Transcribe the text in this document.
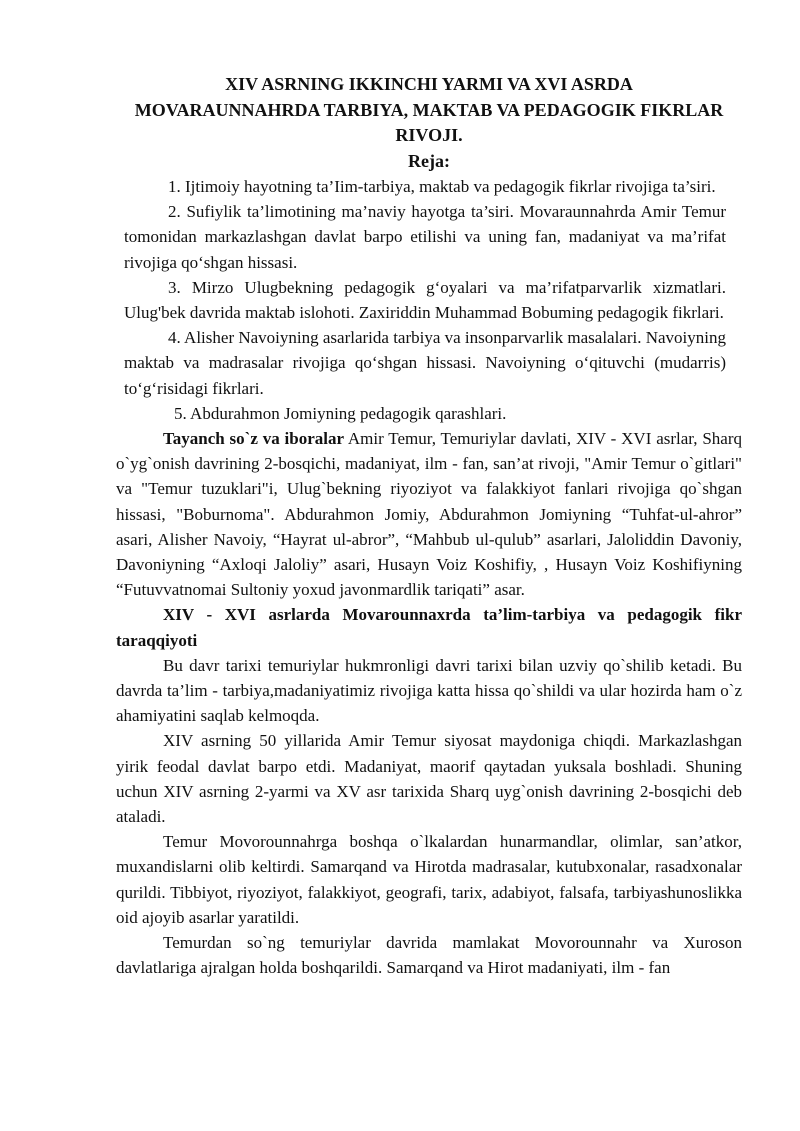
XIV ASRNING IKKINCHI YARMI VA XVI ASRDA
MOVARAUNNAHRDA TARBIYA, MAKTAB VA PEDAGOGIK FIKRLAR
RIVOJI.
Reja:

1. Ijtimoiy hayotning ta’Iim-tarbiya, maktab va pedagogik fikrlar rivojiga ta’siri.

2. Sufiylik ta’limotining ma’naviy hayotga ta’siri. Movaraunnahrda Amir Temur tomonidan markazlashgan davlat barpo etilishi va uning fan, madaniyat va ma’rifat rivojiga qo‘shgan hissasi.

3. Mirzo Ulugbekning pedagogik g‘oyalari va ma’rifatparvarlik xizmatlari. Ulug'bek davrida maktab islohoti. Zaxiriddin Muhammad Bobuming pedagogik fikrlari.

4. Alisher Navoiyning asarlarida tarbiya va insonparvarlik masalalari. Navoiyning maktab va madrasalar rivojiga qo‘shgan hissasi. Navoiyning o‘qituvchi (mudarris) to‘g‘risidagi fikrlari.

5. Abdurahmon Jomiyning pedagogik qarashlari.

Tayanch so`z va iboralar Amir Temur, Temuriylar davlati, XIV - XVI asrlar, Sharq o`yg`onish davrining 2-bosqichi, madaniyat, ilm - fan, san’at rivoji, "Amir Temur o`gitlari" va "Temur tuzuklari"i, Ulug`bekning riyoziyot va falakkiyot fanlari rivojiga qo`shgan hissasi, "Boburnoma". Abdurahmon Jomiy, Abdurahmon Jomiyning “Tuhfat-ul-ahror” asari, Alisher Navoiy, “Hayrat ul-abror”, “Mahbub ul-qulub” asarlari, Jaloliddin Davoniy, Davoniyning “Axloqi Jaloliy” asari, Husayn Voiz Koshifiy, , Husayn Voiz Koshifiyning “Futuvvatnomai Sultoniy yoxud javonmardlik tariqati” asar.

XIV - XVI asrlarda Movarounnaxrda ta’lim-tarbiya va pedagogik fikr taraqqiyoti

Bu davr tarixi temuriylar hukmronligi davri tarixi bilan uzviy qo`shilib ketadi. Bu davrda ta’lim - tarbiya,madaniyatimiz rivojiga katta hissa qo`shildi va ular hozirda ham o`z ahamiyatini saqlab kelmoqda.

XIV asrning 50 yillarida Amir Temur siyosat maydoniga chiqdi. Markazlashgan yirik feodal davlat barpo etdi. Madaniyat, maorif qaytadan yuksala boshladi. Shuning uchun XIV asrning 2-yarmi va XV asr tarixida Sharq uyg`onish davrining 2-bosqichi deb ataladi.

Temur Movorounnahrga boshqa o`lkalardan hunarmandlar, olimlar, san’atkor, muxandislarni olib keltirdi. Samarqand va Hirotda madrasalar, kutubxonalar, rasadxonalar qurildi. Tibbiyot, riyoziyot, falakkiyot, geografi, tarix, adabiyot, falsafa, tarbiyashunoslikka oid ajoyib asarlar yaratildi.

Temurdan so`ng temuriylar davrida mamlakat Movorounnahr va Xuroson davlatlariga ajralgan holda boshqarildi. Samarqand va Hirot madaniyati, ilm - fan
